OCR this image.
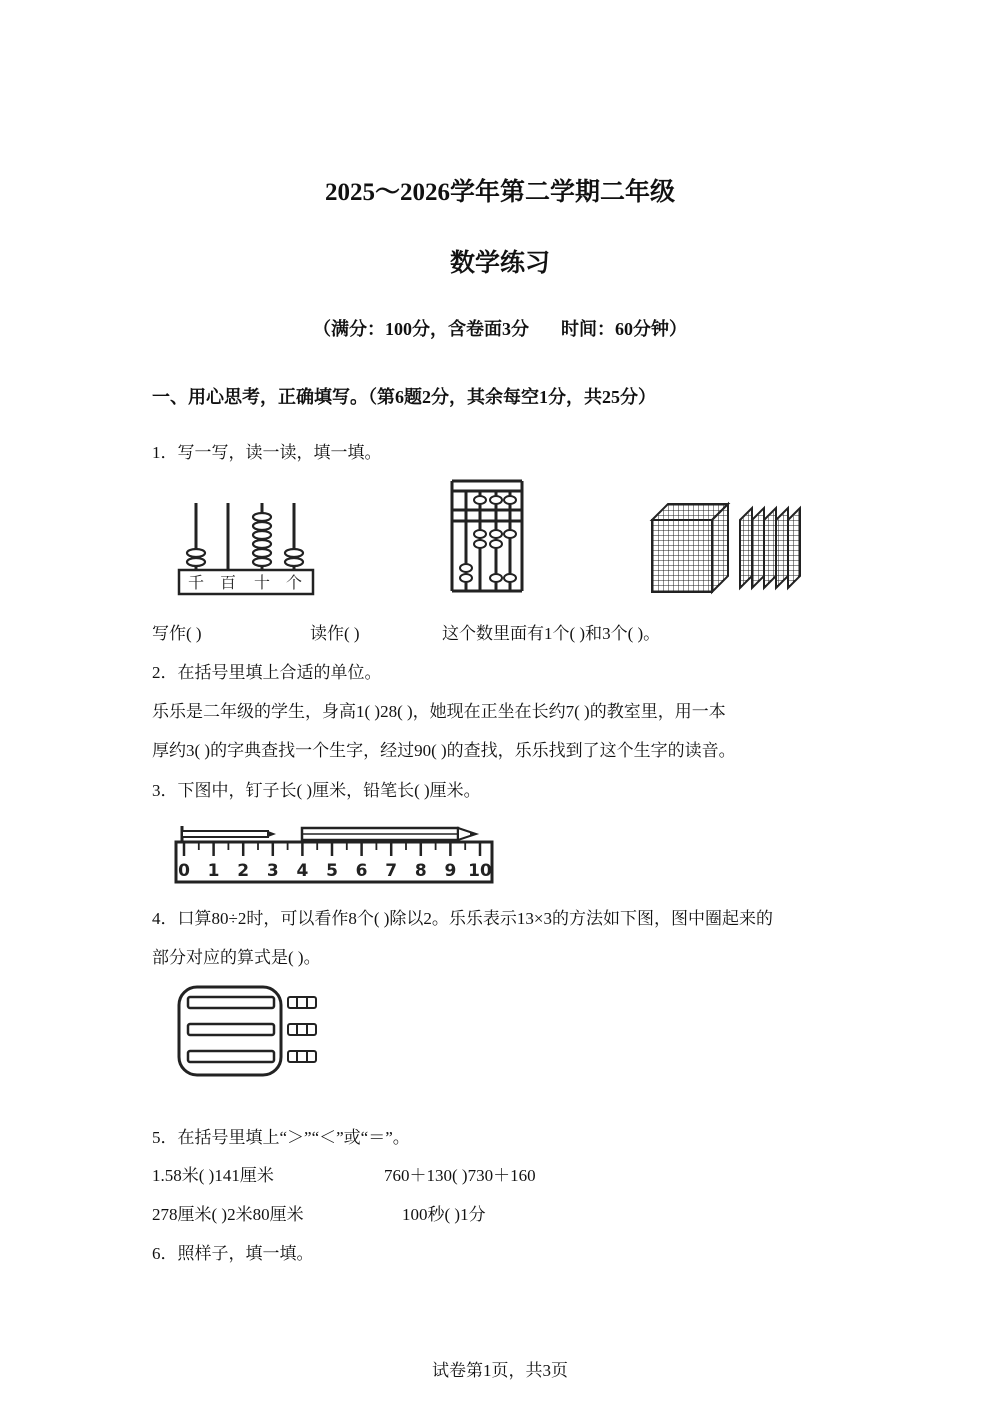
2025～2026学年第二学期二年级
数学练习
（满分：100分，含卷面3分 时间：60分钟）
一、用心思考，正确填写。（第6题2分，其余每空1分，共25分）
1．写一写，读一读，填一填。
千 百 十 个
写作( )	读作( )	这个数里面有1个( )和3个( )。
2．在括号里填上合适的单位。
乐乐是二年级的学生，身高1( )28( )，她现在正坐在长约7( )的教室里，用一本
厚约3( )的字典查找一个生字，经过90( )的查找，乐乐找到了这个生字的读音。
3．下图中，钉子长( )厘米，铅笔长( )厘米。
0 1 2 3 4 5 6 7 8 9 10
4．口算80÷2时，可以看作8个( )除以2。乐乐表示13×3的方法如下图，图中圈起来的
部分对应的算式是( )。
5．在括号里填上“＞”“＜”或“＝”。
1.58米( )141厘米	760＋130( )730＋160
278厘米( )2米80厘米	100秒( )1分
6．照样子，填一填。
试卷第1页，共3页
